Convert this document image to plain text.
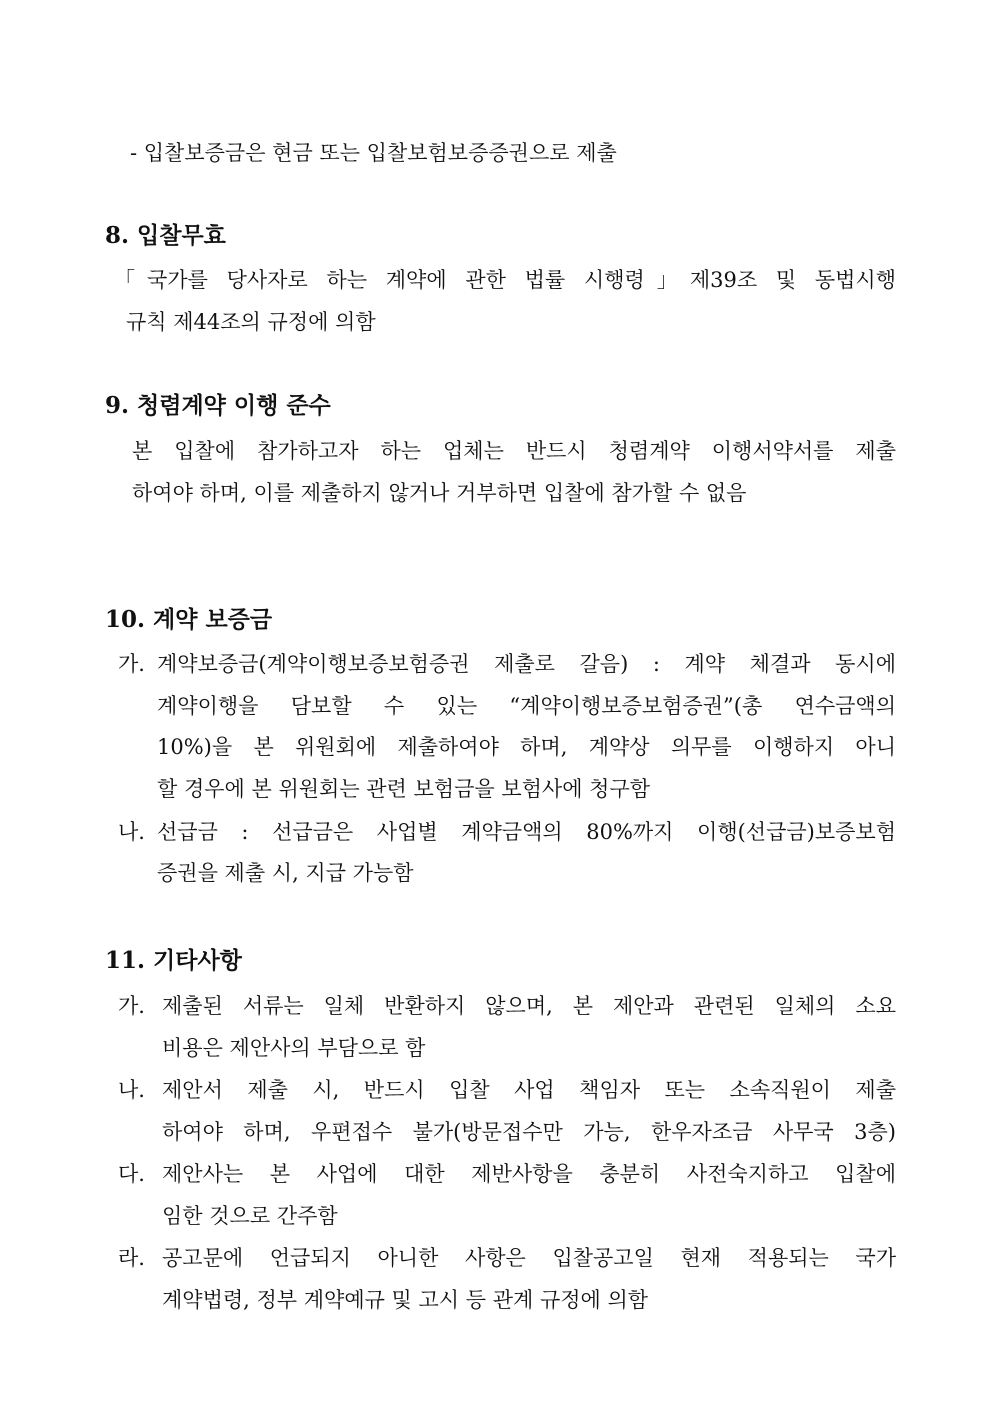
- 입찰보증금은 현금 또는 입찰보험보증증권으로 제출
8. 입찰무효
「국가를 당사자로 하는 계약에 관한 법률 시행령」제39조 및 동법시행
규칙 제44조의 규정에 의함
9. 청렴계약 이행 준수
본 입찰에 참가하고자 하는 업체는 반드시 청렴계약 이행서약서를 제출
하여야 하며, 이를 제출하지 않거나 거부하면 입찰에 참가할 수 없음
10. 계약 보증금
가. 계약보증금(계약이행보증보험증권 제출로 갈음) : 계약 체결과 동시에
계약이행을 담보할 수 있는 “계약이행보증보험증권”(총 연수금액의
10%)을 본 위원회에 제출하여야 하며, 계약상 의무를 이행하지 아니
할 경우에 본 위원회는 관련 보험금을 보험사에 청구함
나. 선급금 : 선급금은 사업별 계약금액의 80%까지 이행(선급금)보증보험
증권을 제출 시, 지급 가능함
11. 기타사항
가. 제출된 서류는 일체 반환하지 않으며, 본 제안과 관련된 일체의 소요
비용은 제안사의 부담으로 함
나. 제안서 제출 시, 반드시 입찰 사업 책임자 또는 소속직원이 제출
하여야 하며, 우편접수 불가(방문접수만 가능, 한우자조금 사무국 3층)
다. 제안사는 본 사업에 대한 제반사항을 충분히 사전숙지하고 입찰에
임한 것으로 간주함
라. 공고문에 언급되지 아니한 사항은 입찰공고일 현재 적용되는 국가
계약법령, 정부 계약예규 및 고시 등 관계 규정에 의함
